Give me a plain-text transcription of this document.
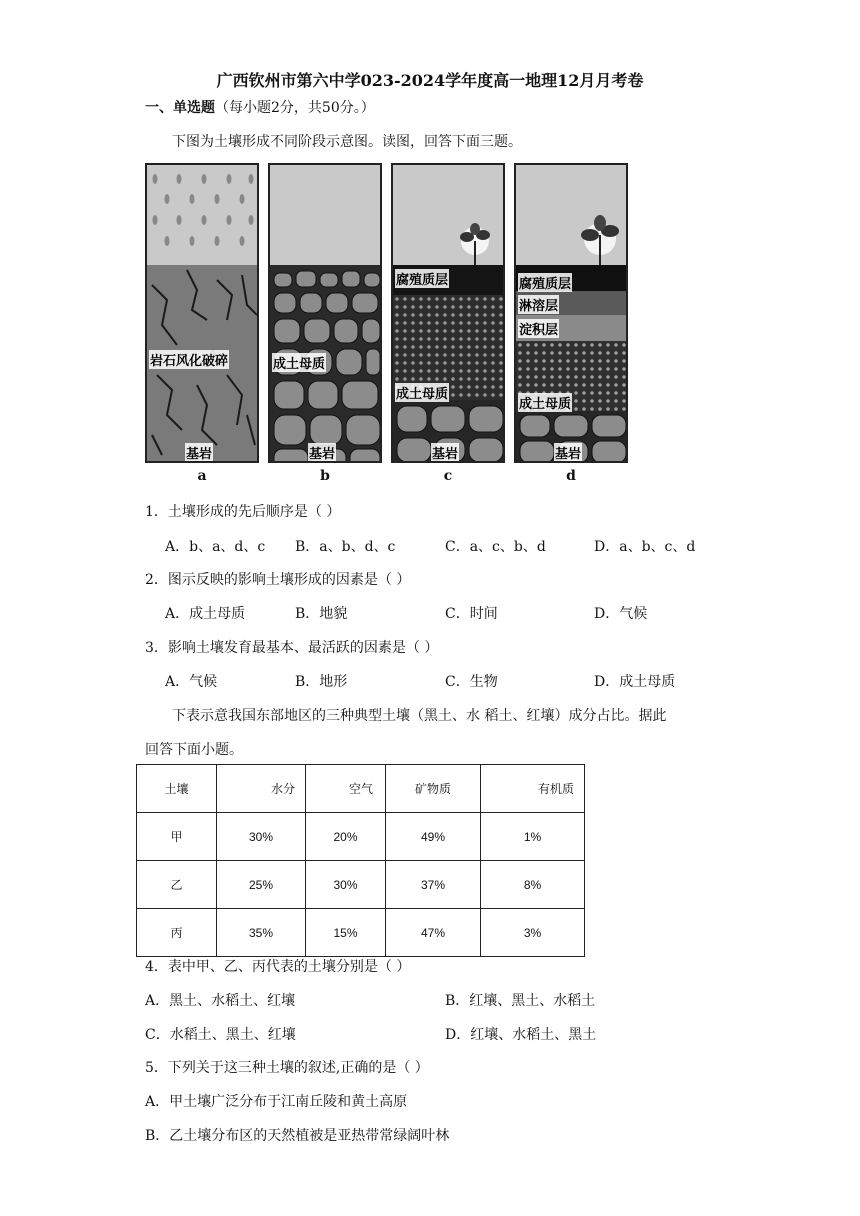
广西钦州市第六中学023-2024学年度高一地理12月月考卷
一、单选题（每小题2分，共50分。）
下图为土壤形成不同阶段示意图。读图，回答下面三题。
岩石风化破碎
基岩
成土母质
基岩
腐殖质层
成土母质
基岩
腐殖质层
淋溶层
淀积层
成土母质
基岩
a	b	c	d
1．土壤形成的先后顺序是（ ）
A．b、a、d、c B．a、b、d、c	C．a、c、b、d	D．a、b、c、d
2．图示反映的影响土壤形成的因素是（ ）
A．成土母质	B．地貌	C．时间	D．气候
3．影响土壤发育最基本、最活跃的因素是（ ）
A．气候	B．地形	C．生物	D．成土母质
下表示意我国东部地区的三种典型土壤（黑土、水 稻土、红壤）成分占比。据此
回答下面小题。
土壤	水分	空气	矿物质	有机质
甲	30%	20%	49%	1%
乙	25%	30%	37%	8%
丙	35%	15%	47%	3%
4．表中甲、乙、丙代表的土壤分别是（ ）
A．黑土、水稻土、红壤	B．红壤、黑土、水稻土
C．水稻土、黑土、红壤	D．红壤、水稻土、黑土
5．下列关于这三种土壤的叙述,正确的是（ ）
A．甲土壤广泛分布于江南丘陵和黄土高原
B．乙土壤分布区的天然植被是亚热带常绿阔叶林
